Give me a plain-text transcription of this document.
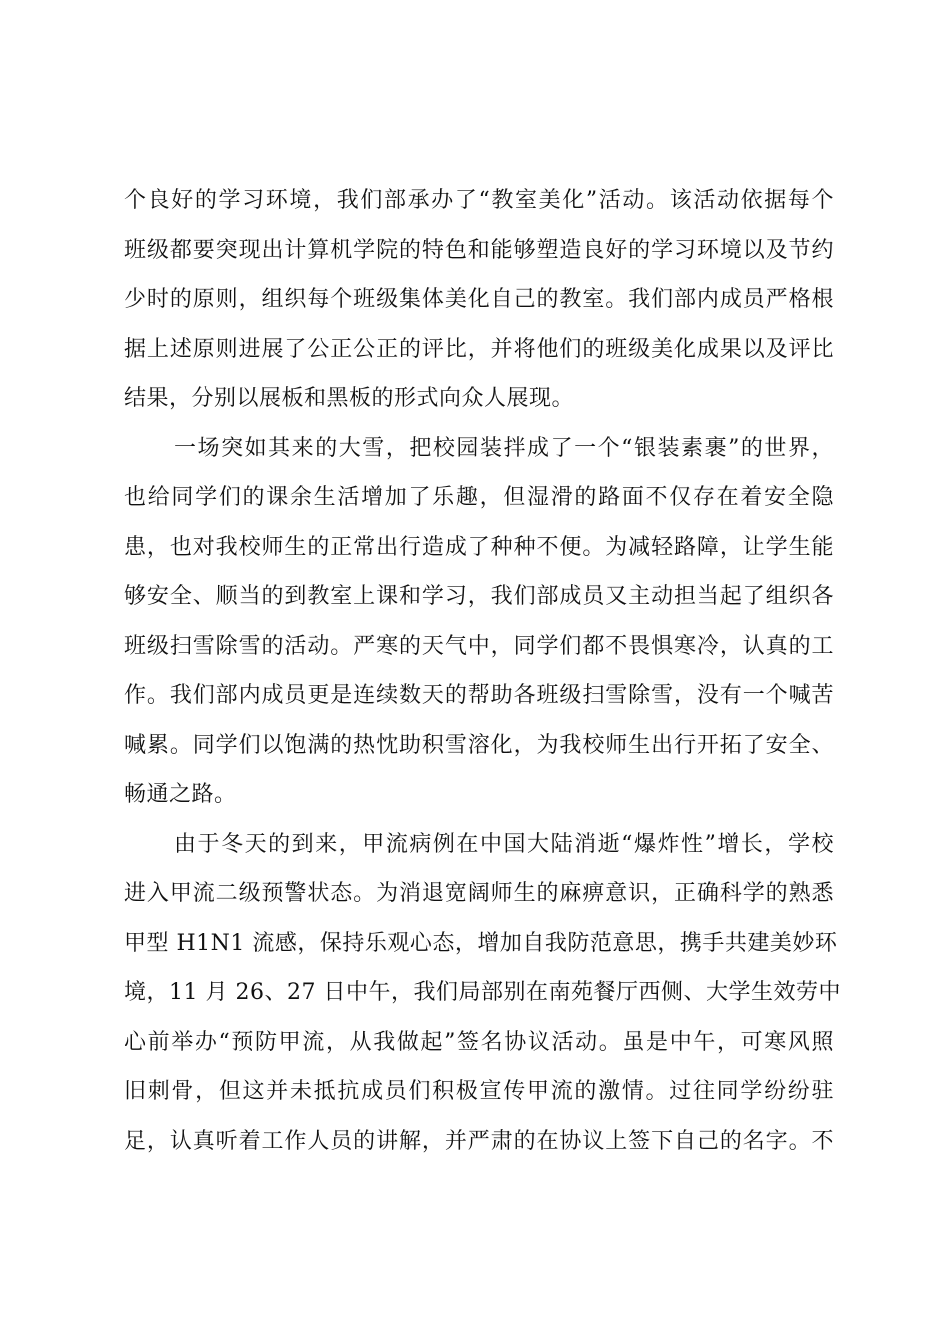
个良好的学习环境，我们部承办了“教室美化”活动。该活动依据每个
班级都要突现出计算机学院的特色和能够塑造良好的学习环境以及节约
少时的原则，组织每个班级集体美化自己的教室。我们部内成员严格根
据上述原则进展了公正公正的评比，并将他们的班级美化成果以及评比
结果，分别以展板和黑板的形式向众人展现。
一场突如其来的大雪，把校园装拌成了一个“银装素裹”的世界，
也给同学们的课余生活增加了乐趣，但湿滑的路面不仅存在着安全隐
患，也对我校师生的正常出行造成了种种不便。为减轻路障，让学生能
够安全、顺当的到教室上课和学习，我们部成员又主动担当起了组织各
班级扫雪除雪的活动。严寒的天气中，同学们都不畏惧寒冷，认真的工
作。我们部内成员更是连续数天的帮助各班级扫雪除雪，没有一个喊苦
喊累。同学们以饱满的热忱助积雪溶化，为我校师生出行开拓了安全、
畅通之路。
由于冬天的到来，甲流病例在中国大陆消逝“爆炸性”增长，学校
进入甲流二级预警状态。为消退宽阔师生的麻痹意识，正确科学的熟悉
甲型 H1N1 流感，保持乐观心态，增加自我防范意思，携手共建美妙环
境，11 月 26、27 日中午，我们局部别在南苑餐厅西侧、大学生效劳中
心前举办“预防甲流，从我做起”签名协议活动。虽是中午，可寒风照
旧刺骨，但这并未抵抗成员们积极宣传甲流的激情。过往同学纷纷驻
足，认真听着工作人员的讲解，并严肃的在协议上签下自己的名字。不
